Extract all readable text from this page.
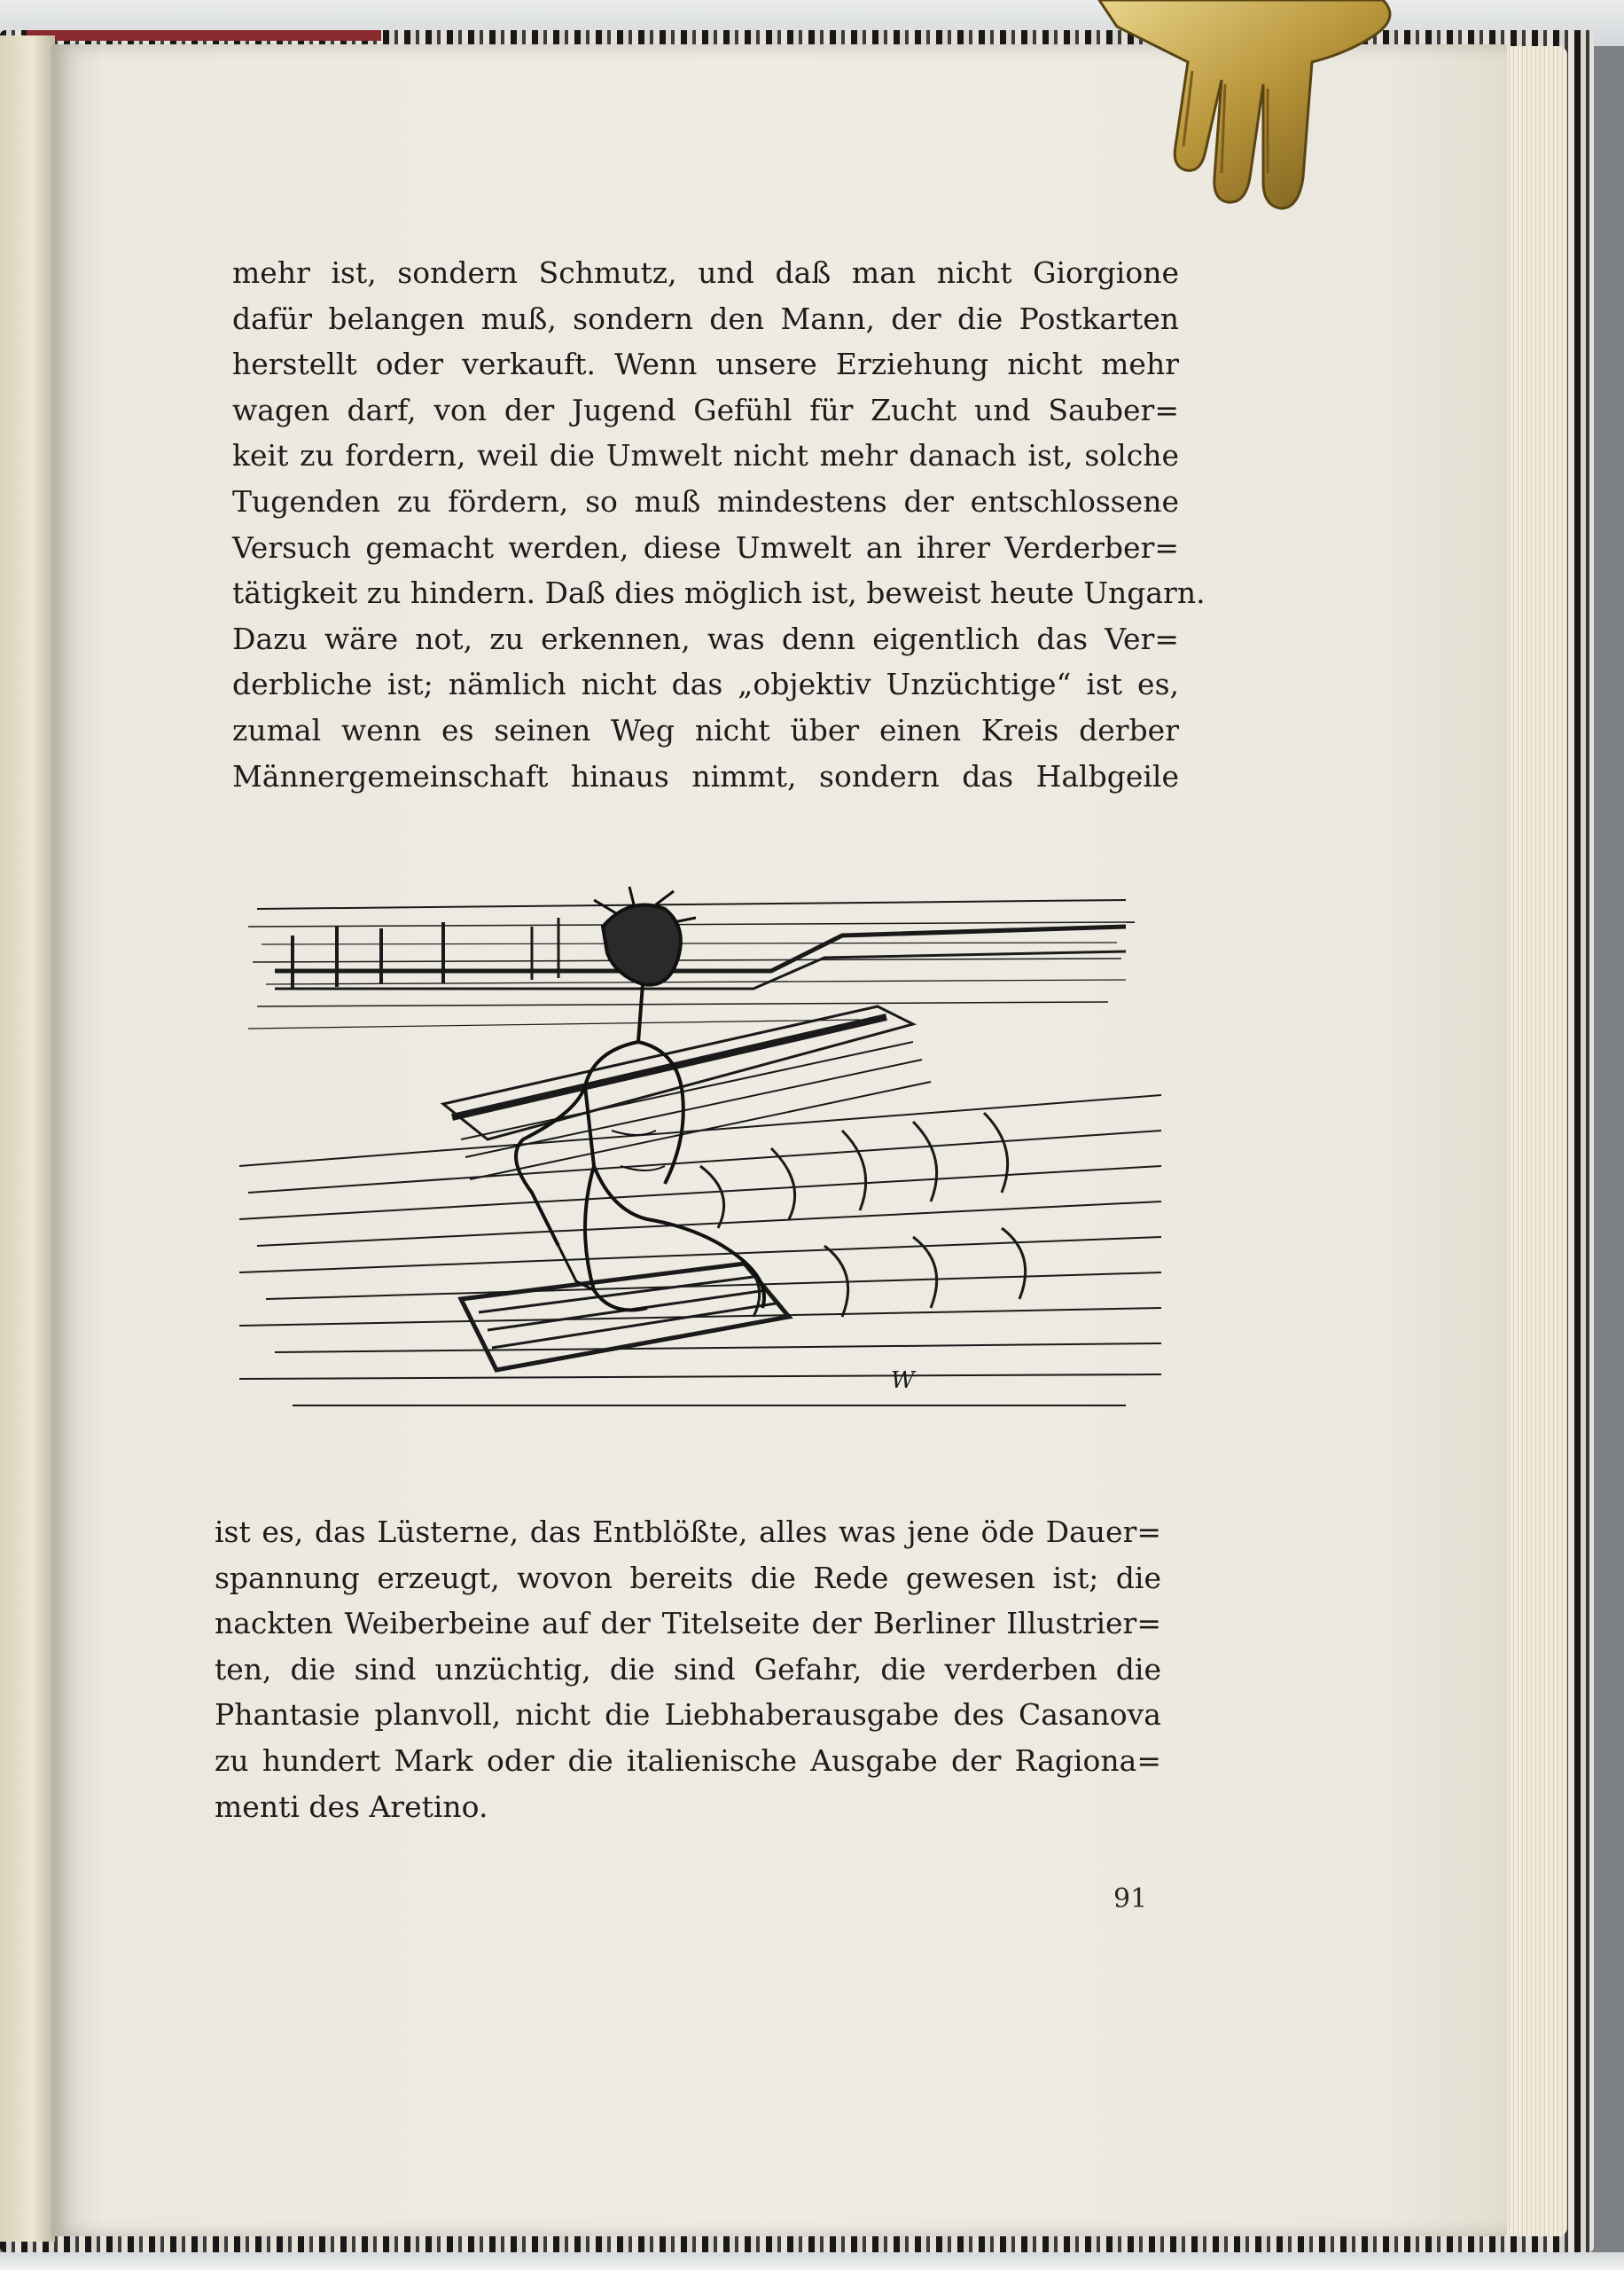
mehr ist, sondern Schmutz, und daß man nicht Giorgione
dafür belangen muß, sondern den Mann, der die Postkarten
herstellt oder verkauft. Wenn unsere Erziehung nicht mehr
wagen darf, von der Jugend Gefühl für Zucht und Sauber=
keit zu fordern, weil die Umwelt nicht mehr danach ist, solche
Tugenden zu fördern, so muß mindestens der entschlossene
Versuch gemacht werden, diese Umwelt an ihrer Verderber=
tätigkeit zu hindern. Daß dies möglich ist, beweist heute Ungarn.
Dazu wäre not, zu erkennen, was denn eigentlich das Ver=
derbliche ist; nämlich nicht das „objektiv Unzüchtige“ ist es,
zumal wenn es seinen Weg nicht über einen Kreis derber
Männergemeinschaft hinaus nimmt, sondern das Halbgeile

W

ist es, das Lüsterne, das Entblößte, alles was jene öde Dauer=
spannung erzeugt, wovon bereits die Rede gewesen ist; die
nackten Weiberbeine auf der Titelseite der Berliner Illustrier=
ten, die sind unzüchtig, die sind Gefahr, die verderben die
Phantasie planvoll, nicht die Liebhaberausgabe des Casanova
zu hundert Mark oder die italienische Ausgabe der Ragiona=
menti des Aretino.

91
